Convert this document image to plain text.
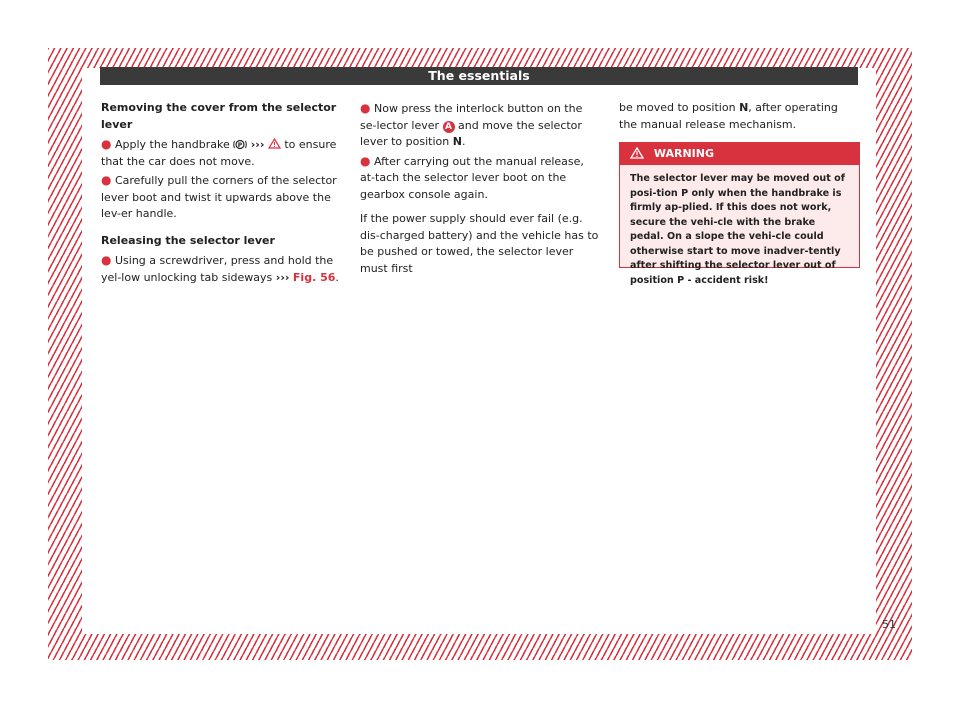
The essentials

Removing the cover from the selector lever

● Apply the handbrake P ››› to ensure that the car does not move.

● Carefully pull the corners of the selector lever boot and twist it upwards above the lev-er handle.

Releasing the selector lever

● Using a screwdriver, press and hold the yel-low unlocking tab sideways ››› Fig. 56.

● Now press the interlock button on the se-lector lever A and move the selector lever to position N.

● After carrying out the manual release, at-tach the selector lever boot on the gearbox console again.

If the power supply should ever fail (e.g. dis-charged battery) and the vehicle has to be pushed or towed, the selector lever must first

be moved to position N, after operating the manual release mechanism.

WARNING
The selector lever may be moved out of posi-tion P only when the handbrake is firmly ap-plied. If this does not work, secure the vehi-cle with the brake pedal. On a slope the vehi-cle could otherwise start to move inadver-tently after shifting the selector lever out of position P - accident risk!
51
